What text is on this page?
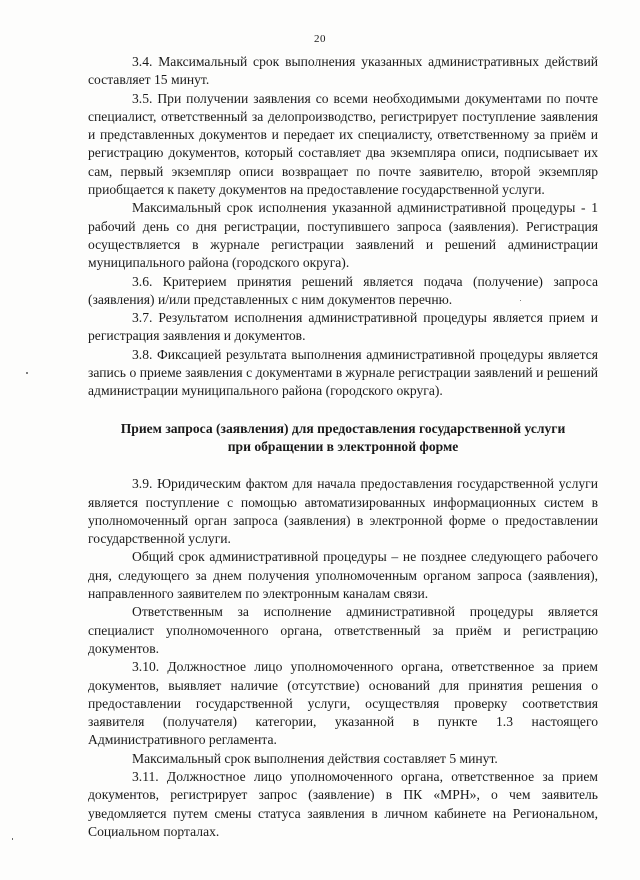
20

3.4. Максимальный срок выполнения указанных административных действий составляет 15 минут.

3.5. При получении заявления со всеми необходимыми документами по почте специалист, ответственный за делопроизводство, регистрирует поступление заявления и представленных документов и передает их специалисту, ответственному за приём и регистрацию документов, который составляет два экземпляра описи, подписывает их сам, первый экземпляр описи возвращает по почте заявителю, второй экземпляр приобщается к пакету документов на предоставление государственной услуги.

Максимальный срок исполнения указанной административной процедуры - 1 рабочий день со дня регистрации, поступившего запроса (заявления). Регистрация осуществляется в журнале регистрации заявлений и решений администрации муниципального района (городского округа).

3.6. Критерием принятия решений является подача (получение) запроса (заявления) и/или представленных с ним документов перечню.

3.7. Результатом исполнения административной процедуры является прием и регистрация заявления и документов.

3.8. Фиксацией результата выполнения административной процедуры является запись о приеме заявления с документами в журнале регистрации заявлений и решений администрации муниципального района (городского округа).

Прием запроса (заявления) для предоставления государственной услуги при обращении в электронной форме

3.9. Юридическим фактом для начала предоставления государственной услуги является поступление с помощью автоматизированных информационных систем в уполномоченный орган запроса (заявления) в электронной форме о предоставлении государственной услуги.

Общий срок административной процедуры – не позднее следующего рабочего дня, следующего за днем получения уполномоченным органом запроса (заявления), направленного заявителем по электронным каналам связи.

Ответственным за исполнение административной процедуры является специалист уполномоченного органа, ответственный за приём и регистрацию документов.

3.10. Должностное лицо уполномоченного органа, ответственное за прием документов, выявляет наличие (отсутствие) оснований для принятия решения о предоставлении государственной услуги, осуществляя проверку соответствия заявителя (получателя) категории, указанной в пункте 1.3 настоящего Административного регламента.

Максимальный срок выполнения действия составляет 5 минут.

3.11. Должностное лицо уполномоченного органа, ответственное за прием документов, регистрирует запрос (заявление) в ПК «МРН», о чем заявитель уведомляется путем смены статуса заявления в личном кабинете на Региональном, Социальном порталах.
